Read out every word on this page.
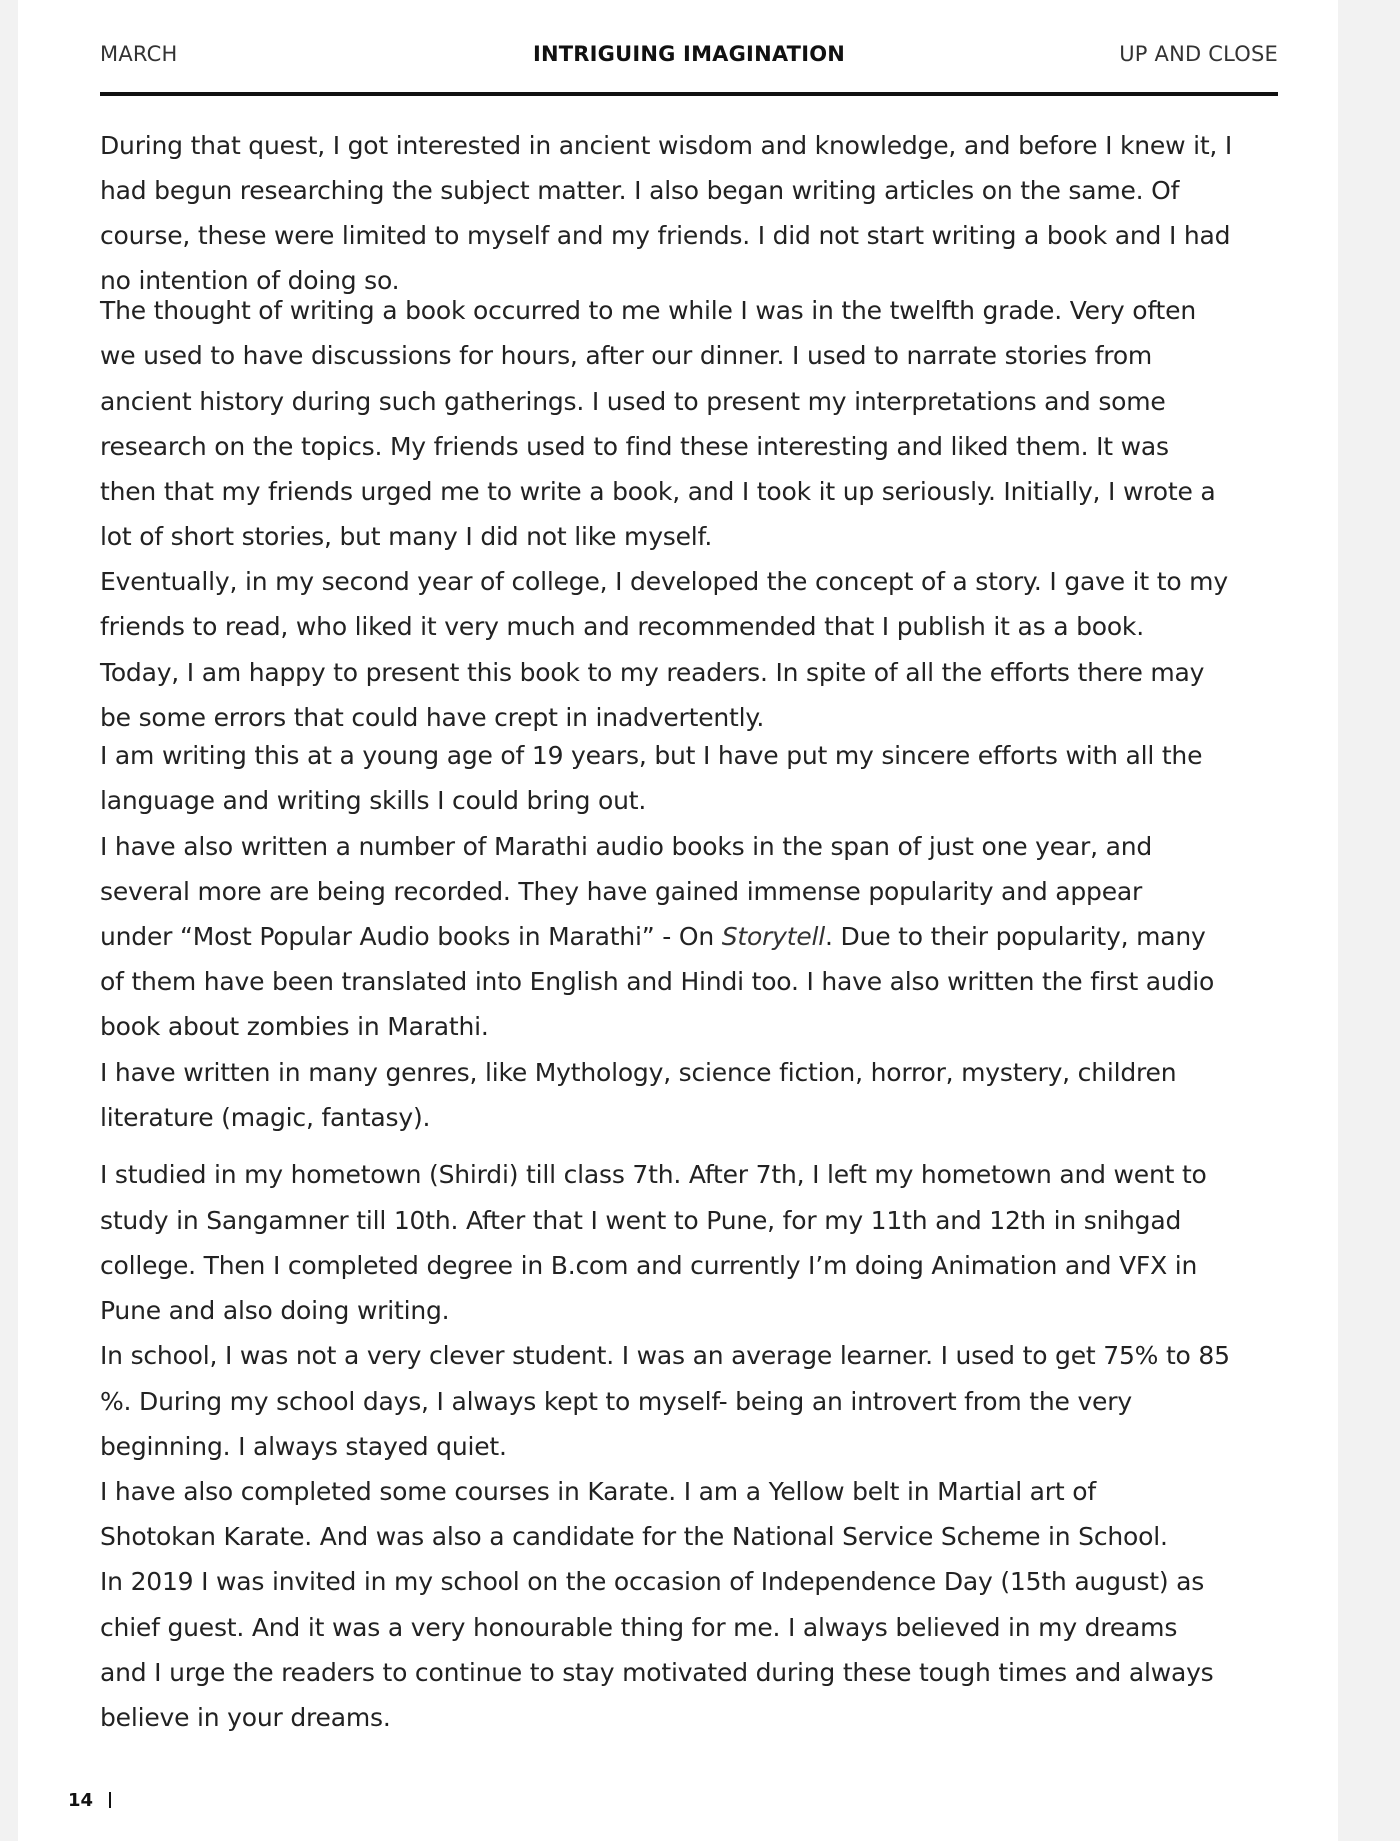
MARCH	INTRIGUING IMAGINATION	UP AND CLOSE
During that quest, I got interested in ancient wisdom and knowledge, and before I knew it, I
had begun researching the subject matter. I also began writing articles on the same. Of
course, these were limited to myself and my friends. I did not start writing a book and I had
no intention of doing so.
The thought of writing a book occurred to me while I was in the twelfth grade. Very often
we used to have discussions for hours, after our dinner. I used to narrate stories from
ancient history during such gatherings. I used to present my interpretations and some
research on the topics. My friends used to find these interesting and liked them. It was
then that my friends urged me to write a book, and I took it up seriously. Initially, I wrote a
lot of short stories, but many I did not like myself.
Eventually, in my second year of college, I developed the concept of a story. I gave it to my
friends to read, who liked it very much and recommended that I publish it as a book.
Today, I am happy to present this book to my readers. In spite of all the efforts there may
be some errors that could have crept in inadvertently.
I am writing this at a young age of 19 years, but I have put my sincere efforts with all the
language and writing skills I could bring out.
I have also written a number of Marathi audio books in the span of just one year, and
several more are being recorded. They have gained immense popularity and appear
under “Most Popular Audio books in Marathi” - On Storytell. Due to their popularity, many
of them have been translated into English and Hindi too. I have also written the first audio
book about zombies in Marathi.
I have written in many genres, like Mythology, science fiction, horror, mystery, children
literature (magic, fantasy).
I studied in my hometown (Shirdi) till class 7th. After 7th, I left my hometown and went to
study in Sangamner till 10th. After that I went to Pune, for my 11th and 12th in snihgad
college. Then I completed degree in B.com and currently I’m doing Animation and VFX in
Pune and also doing writing.
In school, I was not a very clever student. I was an average learner. I used to get 75% to 85
%. During my school days, I always kept to myself- being an introvert from the very
beginning. I always stayed quiet.
I have also completed some courses in Karate. I am a Yellow belt in Martial art of
Shotokan Karate. And was also a candidate for the National Service Scheme in School.
In 2019 I was invited in my school on the occasion of Independence Day (15th august) as
chief guest. And it was a very honourable thing for me. I always believed in my dreams
and I urge the readers to continue to stay motivated during these tough times and always
believe in your dreams.
14
